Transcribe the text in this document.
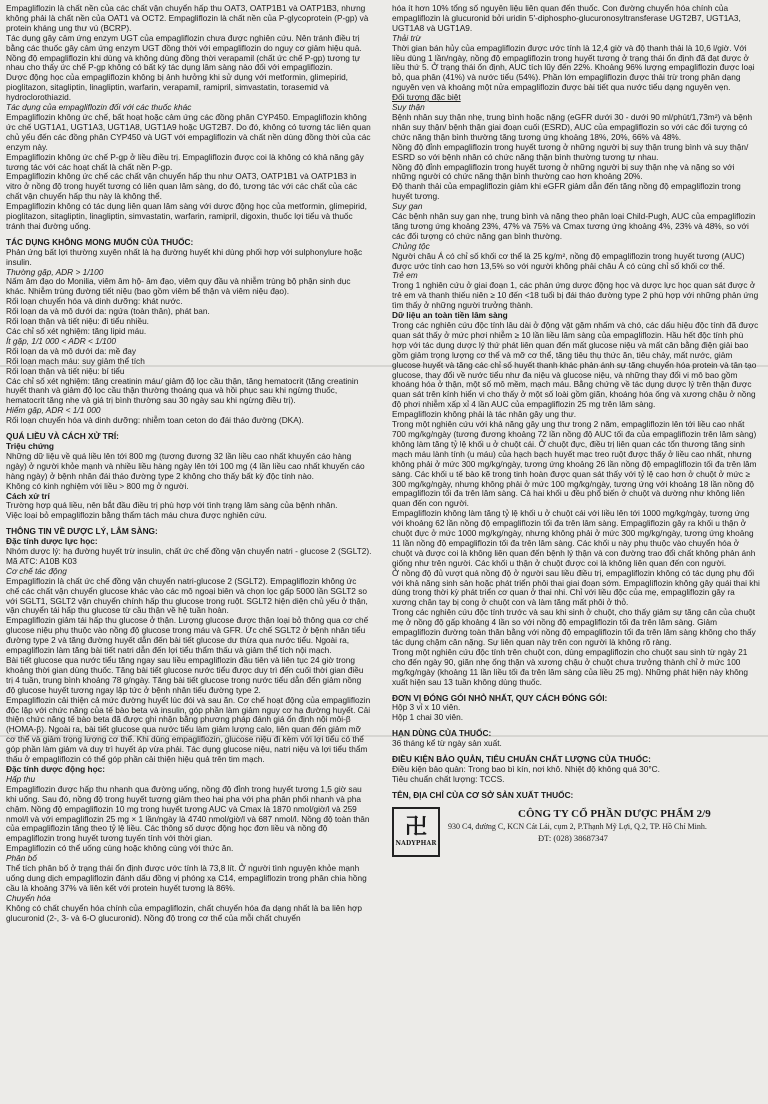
Empagliflozin là chất nền của các chất vận chuyển hấp thu OAT3, OATP1B1 và OATP1B3, nhưng không phải là chất nền của OAT1 và OCT2. Empagliflozin là chất nền của P-glycoprotein (P-gp) và protein kháng ung thư vú (BCRP).

Tác dụng gây cảm ứng enzym UGT của empagliflozin chưa được nghiên cứu. Nên tránh điều trị bằng các thuốc gây cảm ứng enzym UGT đồng thời với empagliflozin do nguy cơ giảm hiệu quả.

Nồng độ empagliflozin khi dùng và không dùng đồng thời verapamil (chất ức chế P-gp) tương tự nhau cho thấy ức chế P-gp không có bất kỳ tác dụng lâm sàng nào đối với empagliflozin.

Dược động học của empagliflozin không bị ảnh hưởng khi sử dụng với metformin, glimepirid, pioglitazon, sitagliptin, linagliptin, warfarin, verapamil, ramipril, simvastatin, torasemid và hydroclorothiazid.

Tác dụng của empagliflozin đối với các thuốc khác

Empagliflozin không ức chế, bất hoạt hoặc cảm ứng các đồng phân CYP450. Empagliflozin không ức chế UGT1A1, UGT1A3, UGT1A8, UGT1A9 hoặc UGT2B7. Do đó, không có tương tác liên quan chủ yếu đến các đồng phân CYP450 và UGT với empagliflozin và chất nền dùng đồng thời của các enzym này.

Empagliflozin không ức chế P-gp ở liều điều trị. Empagliflozin được coi là không có khả năng gây tương tác với các hoạt chất là chất nền P-gp.

Empagliflozin không ức chế các chất vận chuyển hấp thu như OAT3, OATP1B1 và OATP1B3 in vitro ở nồng độ trong huyết tương có liên quan lâm sàng, do đó, tương tác với các chất của các chất vận chuyển hấp thu này là không thể.

Empagliflozin không có tác dụng liên quan lâm sàng với dược động học của metformin, glimepirid, pioglitazon, sitagliptin, linagliptin, simvastatin, warfarin, ramipril, digoxin, thuốc lợi tiểu và thuốc tránh thai đường uống.

TÁC DỤNG KHÔNG MONG MUỐN CỦA THUỐC:

Phản ứng bất lợi thường xuyên nhất là hạ đường huyết khi dùng phối hợp với sulphonylure hoặc insulin.

Thường gặp, ADR > 1/100

Nấm âm đạo do Monilia, viêm âm hộ- âm đạo, viêm quy đầu và nhiễm trùng bộ phận sinh dục khác. Nhiễm trùng đường tiết niệu (bao gồm viêm bể thận và viêm niệu đạo).

Rối loạn chuyển hóa và dinh dưỡng: khát nước.

Rối loạn da và mô dưới da: ngứa (toàn thân), phát ban.

Rối loạn thận và tiết niệu: đi tiểu nhiều.

Các chỉ số xét nghiệm: tăng lipid máu.

Ít gặp, 1/1 000 < ADR < 1/100

Rối loạn da và mô dưới da: mề đay

Rối loạn mạch máu: suy giảm thể tích

Rối loạn thận và tiết niệu: bí tiểu

Các chỉ số xét nghiệm: tăng creatinin máu/ giảm độ lọc cầu thận, tăng hematocrit (tăng creatinin huyết thanh và giảm độ lọc cầu thận thường thoáng qua và hồi phục sau khi ngừng thuốc, hematocrit tăng nhẹ và giá trị bình thường sau 30 ngày sau khi ngừng điều trị).

Hiếm gặp, ADR < 1/1 000

Rối loạn chuyển hóa và dinh dưỡng: nhiễm toan ceton do đái tháo đường (DKA).

QUÁ LIỀU VÀ CÁCH XỬ TRÍ:

Triệu chứng

Những dữ liệu về quá liều lên tới 800 mg (tương đương 32 lần liều cao nhất khuyến cáo hàng ngày) ở người khỏe mạnh và nhiều liều hàng ngày lên tới 100 mg (4 lần liều cao nhất khuyến cáo hàng ngày) ở bệnh nhân đái tháo đường type 2 không cho thấy bất kỳ độc tính nào.

Không có kinh nghiệm với liều > 800 mg ở người.

Cách xử trí

Trường hợp quá liều, nên bắt đầu điều trị phù hợp với tình trạng lâm sàng của bệnh nhân.

Việc loại bỏ empagliflozin bằng thẩm tách máu chưa được nghiên cứu.

THÔNG TIN VỀ DƯỢC LÝ, LÂM SÀNG:

Đặc tính dược lực học:

Nhóm dược lý: hạ đường huyết trừ insulin, chất ức chế đồng vận chuyển natri - glucose 2 (SGLT2).

Mã ATC: A10B K03

Cơ chế tác động

Empagliflozin là chất ức chế đồng vận chuyển natri-glucose 2 (SGLT2). Empagliflozin không ức chế các chất vận chuyển glucose khác vào các mô ngoại biên và chọn lọc gấp 5000 lần SGLT2 so với SGLT1, SGLT2 vận chuyển chính hấp thu glucose trong ruột. SGLT2 hiện diện chủ yếu ở thận, vận chuyển tái hấp thu glucose từ cầu thận về hệ tuần hoàn.

Empagliflozin giảm tái hấp thu glucose ở thận. Lượng glucose được thận loại bỏ thông qua cơ chế glucose niệu phụ thuộc vào nồng độ glucose trong máu và GFR. Ức chế SGLT2 ở bệnh nhân tiểu đường type 2 và tăng đường huyết dẫn đến bài tiết glucose dư thừa qua nước tiểu. Ngoài ra, empagliflozin làm tăng bài tiết natri dẫn đến lợi tiểu thẩm thấu và giảm thể tích nội mạch.

Bài tiết glucose qua nước tiểu tăng ngay sau liều empagliflozin đầu tiên và liên tục 24 giờ trong khoảng thời gian dùng thuốc. Tăng bài tiết glucose nước tiểu được duy trì đến cuối thời gian điều trị 4 tuần, trung bình khoảng 78 g/ngày. Tăng bài tiết glucose trong nước tiểu dẫn đến giảm nồng độ glucose huyết tương ngay lập tức ở bệnh nhân tiểu đường type 2.

Empagliflozin cải thiện cả mức đường huyết lúc đói và sau ăn. Cơ chế hoạt động của empagliflozin độc lập với chức năng của tế bào beta và insulin, góp phần làm giảm nguy cơ hạ đường huyết. Cải thiện chức năng tế bào beta đã được ghi nhận bằng phương pháp đánh giá ổn định nội môi-β (HOMA-β). Ngoài ra, bài tiết glucose qua nước tiểu làm giảm lượng calo, liên quan đến giảm mỡ cơ thể và giảm trọng lượng cơ thể. Khi dùng empagliflozin, glucose niệu đi kèm với lợi tiểu có thể góp phần làm giảm và duy trì huyết áp vừa phải. Tác dụng glucose niệu, natri niệu và lợi tiểu thẩm thấu ở empagliflozin có thể góp phần cải thiện hiệu quả trên tim mạch.

Đặc tính dược động học:

Hấp thu

Empagliflozin được hấp thu nhanh qua đường uống, nồng độ đỉnh trong huyết tương 1,5 giờ sau khi uống. Sau đó, nồng độ trong huyết tương giảm theo hai pha với pha phân phối nhanh và pha chậm. Nồng độ empagliflozin 10 mg trong huyết tương AUC và Cmax là 1870 nmol/giờ/l và 259 nmol/l và với empagliflozin 25 mg × 1 lần/ngày là 4740 nmol/giờ/l và 687 nmol/l. Nồng độ toàn thân của empagliflozin tăng theo tỷ lệ liều. Các thông số dược động học đơn liều và nồng độ empagliflozin trong huyết tương tuyến tính với thời gian.

Empagliflozin có thể uống cùng hoặc không cùng với thức ăn.

Phân bố

Thể tích phân bố ở trạng thái ổn định được ước tính là 73,8 lít. Ở người tình nguyện khỏe mạnh uống dung dịch empagliflozin đánh dấu đồng vị phóng xạ C14, empagliflozin trong phân chia hồng cầu là khoảng 37% và liên kết với protein huyết tương là 86%.

Chuyển hóa

Không có chất chuyển hóa chính của empagliflozin, chất chuyển hóa đa dạng nhất là ba liên hợp glucuronid (2-, 3- và 6-O glucuronid). Nồng độ trong cơ thể của mỗi chất chuyển

hóa ít hơn 10% tổng số nguyên liệu liên quan đến thuốc. Con đường chuyển hóa chính của empagliflozin là glucuronid bởi uridin 5'-diphospho-glucuronosyltransferase UGT2B7, UGT1A3, UGT1A8 và UGT1A9.

Thải trừ

Thời gian bán hủy của empagliflozin được ước tính là 12,4 giờ và độ thanh thải là 10,6 l/giờ. Với liều dùng 1 lần/ngày, nồng độ empagliflozin trong huyết tương ở trạng thái ổn định đã đạt được ở liều thứ 5. Ở trạng thái ổn định, AUC tích lũy đến 22%. Khoảng 96% lượng empagliflozin được loại bỏ, qua phân (41%) và nước tiểu (54%). Phần lớn empagliflozin được thải trừ trong phân dạng nguyên vẹn và khoảng một nửa empagliflozin được bài tiết qua nước tiểu dạng nguyên vẹn.

Đối tượng đặc biệt

Suy thận

Bệnh nhân suy thận nhẹ, trung bình hoặc nặng (eGFR dưới 30 - dưới 90 ml/phút/1,73m²) và bệnh nhân suy thận/ bệnh thận giai đoạn cuối (ESRD), AUC của empagliflozin so với các đối tượng có chức năng thận bình thường tăng tương ứng khoảng 18%, 20%, 66% và 48%.

Nồng độ đỉnh empagliflozin trong huyết tương ở những người bị suy thận trung bình và suy thận/ ESRD so với bệnh nhân có chức năng thận bình thường tương tự nhau.

Nồng độ đỉnh empagliflozin trong huyết tương ở những người bị suy thận nhẹ và nặng so với những người có chức năng thận bình thường cao hơn khoảng 20%.

Độ thanh thải của empagliflozin giảm khi eGFR giảm dẫn đến tăng nồng độ empagliflozin trong huyết tương.

Suy gan

Các bệnh nhân suy gan nhẹ, trung bình và nặng theo phân loại Child-Pugh, AUC của empagliflozin tăng tương ứng khoảng 23%, 47% và 75% và Cmax tương ứng khoảng 4%, 23% và 48%, so với các đối tượng có chức năng gan bình thường.

Chủng tộc

Người châu Á có chỉ số khối cơ thể là 25 kg/m², nồng độ empagliflozin trong huyết tương (AUC) được ước tính cao hơn 13,5% so với người không phải châu Á có cùng chỉ số khối cơ thể.

Trẻ em

Trong 1 nghiên cứu ở giai đoạn 1, các phản ứng dược động học và dược lực học quan sát được ở trẻ em và thanh thiếu niên ≥ 10 đến <18 tuổi bị đái tháo đường type 2 phù hợp với những phản ứng tìm thấy ở những người trưởng thành.

Dữ liệu an toàn tiền lâm sàng

Trong các nghiên cứu độc tính lâu dài ở động vật gặm nhấm và chó, các dấu hiệu độc tính đã được quan sát thấy ở mức phơi nhiễm ≥ 10 lần liều lâm sàng của empagliflozin. Hầu hết độc tính phù hợp với tác dụng dược lý thứ phát liên quan đến mất glucose niệu và mất cân bằng điện giải bao gồm giảm trọng lượng cơ thể và mỡ cơ thể, tăng tiêu thụ thức ăn, tiêu chảy, mất nước, giảm glucose huyết và tăng các chỉ số huyết thanh khác phản ánh sự tăng chuyển hóa protein và tân tạo glucose, thay đổi về nước tiểu như đa niệu và glucose niệu, và những thay đổi vi mô bao gồm khoáng hóa ở thận, một số mô mềm, mạch máu. Bằng chứng về tác dụng dược lý trên thận được quan sát trên kính hiển vi cho thấy ở một số loài gồm giãn, khoáng hóa ống và xương chậu ở nồng độ phơi nhiễm xấp xỉ 4 lần AUC của empagliflozin 25 mg trên lâm sàng.

Empagliflozin không phải là tác nhân gây ung thư.

Trong một nghiên cứu với khả năng gây ung thư trong 2 năm, empagliflozin lên tới liều cao nhất 700 mg/kg/ngày (tương đương khoảng 72 lần nồng độ AUC tối đa của empagliflozin trên lâm sàng) không làm tăng tỷ lệ khối u ở chuột cái. Ở chuột đực, điều trị liên quan các tổn thương tăng sinh mạch máu lành tính (u máu) của hạch bạch huyết mạc treo ruột được thấy ở liều cao nhất, nhưng không phải ở mức 300 mg/kg/ngày, tương ứng khoảng 26 lần nồng độ empagliflozin tối đa trên lâm sàng. Các khối u tế bào kẽ trong tinh hoàn được quan sát thấy với tỷ lệ cao hơn ở chuột ở mức ≥ 300 mg/kg/ngày, nhưng không phải ở mức 100 mg/kg/ngày, tương ứng với khoảng 18 lần nồng độ empagliflozin tối đa trên lâm sàng. Cả hai khối u đều phổ biến ở chuột và dường như không liên quan đến con người.

Empagliflozin không làm tăng tỷ lệ khối u ở chuột cái với liều lên tới 1000 mg/kg/ngày, tương ứng với khoảng 62 lần nồng độ empagliflozin tối đa trên lâm sàng. Empagliflozin gây ra khối u thận ở chuột đực ở mức 1000 mg/kg/ngày, nhưng không phải ở mức 300 mg/kg/ngày, tương ứng khoảng 11 lần nồng độ empagliflozin tối đa trên lâm sàng. Các khối u này phụ thuộc vào chuyển hóa ở chuột và được coi là không liên quan đến bệnh lý thận và con đường trao đổi chất không phản ánh giống như trên người. Các khối u thận ở chuột được coi là không liên quan đến con người.

Ở nồng độ đủ vượt quá nồng độ ở người sau liều điều trị, empagliflozin không có tác dụng phụ đối với khả năng sinh sản hoặc phát triển phôi thai giai đoạn sớm. Empagliflozin không gây quái thai khi dùng trong thời kỳ phát triển cơ quan ở thai nhi. Chỉ với liều độc của mẹ, empagliflozin gây ra xương chân tay bị cong ở chuột con và làm tăng mất phôi ở thỏ.

Trong các nghiên cứu độc tính trước và sau khi sinh ở chuột, cho thấy giảm sự tăng cân của chuột mẹ ở nồng độ gấp khoảng 4 lần so với nồng độ empagliflozin tối đa trên lâm sàng. Giảm empagliflozin đường toàn thân bằng với nồng độ empagliflozin tối đa trên lâm sàng không cho thấy tác dụng chậm cân nặng. Sự liên quan này trên con người là không rõ ràng.

Trong một nghiên cứu độc tính trên chuột con, dùng empagliflozin cho chuột sau sinh từ ngày 21 cho đến ngày 90, giãn nhẹ ống thận và xương chậu ở chuột chưa trưởng thành chỉ ở mức 100 mg/kg/ngày (khoảng 11 lần liều tối đa trên lâm sàng của liều 25 mg). Những phát hiện này không xuất hiện sau 13 tuần không dùng thuốc.

ĐƠN VỊ ĐÓNG GÓI NHỎ NHẤT, QUY CÁCH ĐÓNG GÓI:

Hộp 3 vỉ x 10 viên.

Hộp 1 chai 30 viên.

HẠN DÙNG CỦA THUỐC:

36 tháng kể từ ngày sản xuất.

ĐIỀU KIỆN BẢO QUẢN, TIÊU CHUẨN CHẤT LƯỢNG CỦA THUỐC:

Điều kiện bảo quản: Trong bao bì kín, nơi khô. Nhiệt độ không quá 30°C.

Tiêu chuẩn chất lượng: TCCS.

TÊN, ĐỊA CHỈ CỦA CƠ SỞ SẢN XUẤT THUỐC:

卍
NADYPHAR
CÔNG TY CỔ PHẦN DƯỢC PHẨM 2/9
930 C4, đường C, KCN Cát Lái, cụm 2, P.Thạnh Mỹ Lợi, Q.2, TP. Hồ Chí Minh.
ĐT: (028) 38687347
